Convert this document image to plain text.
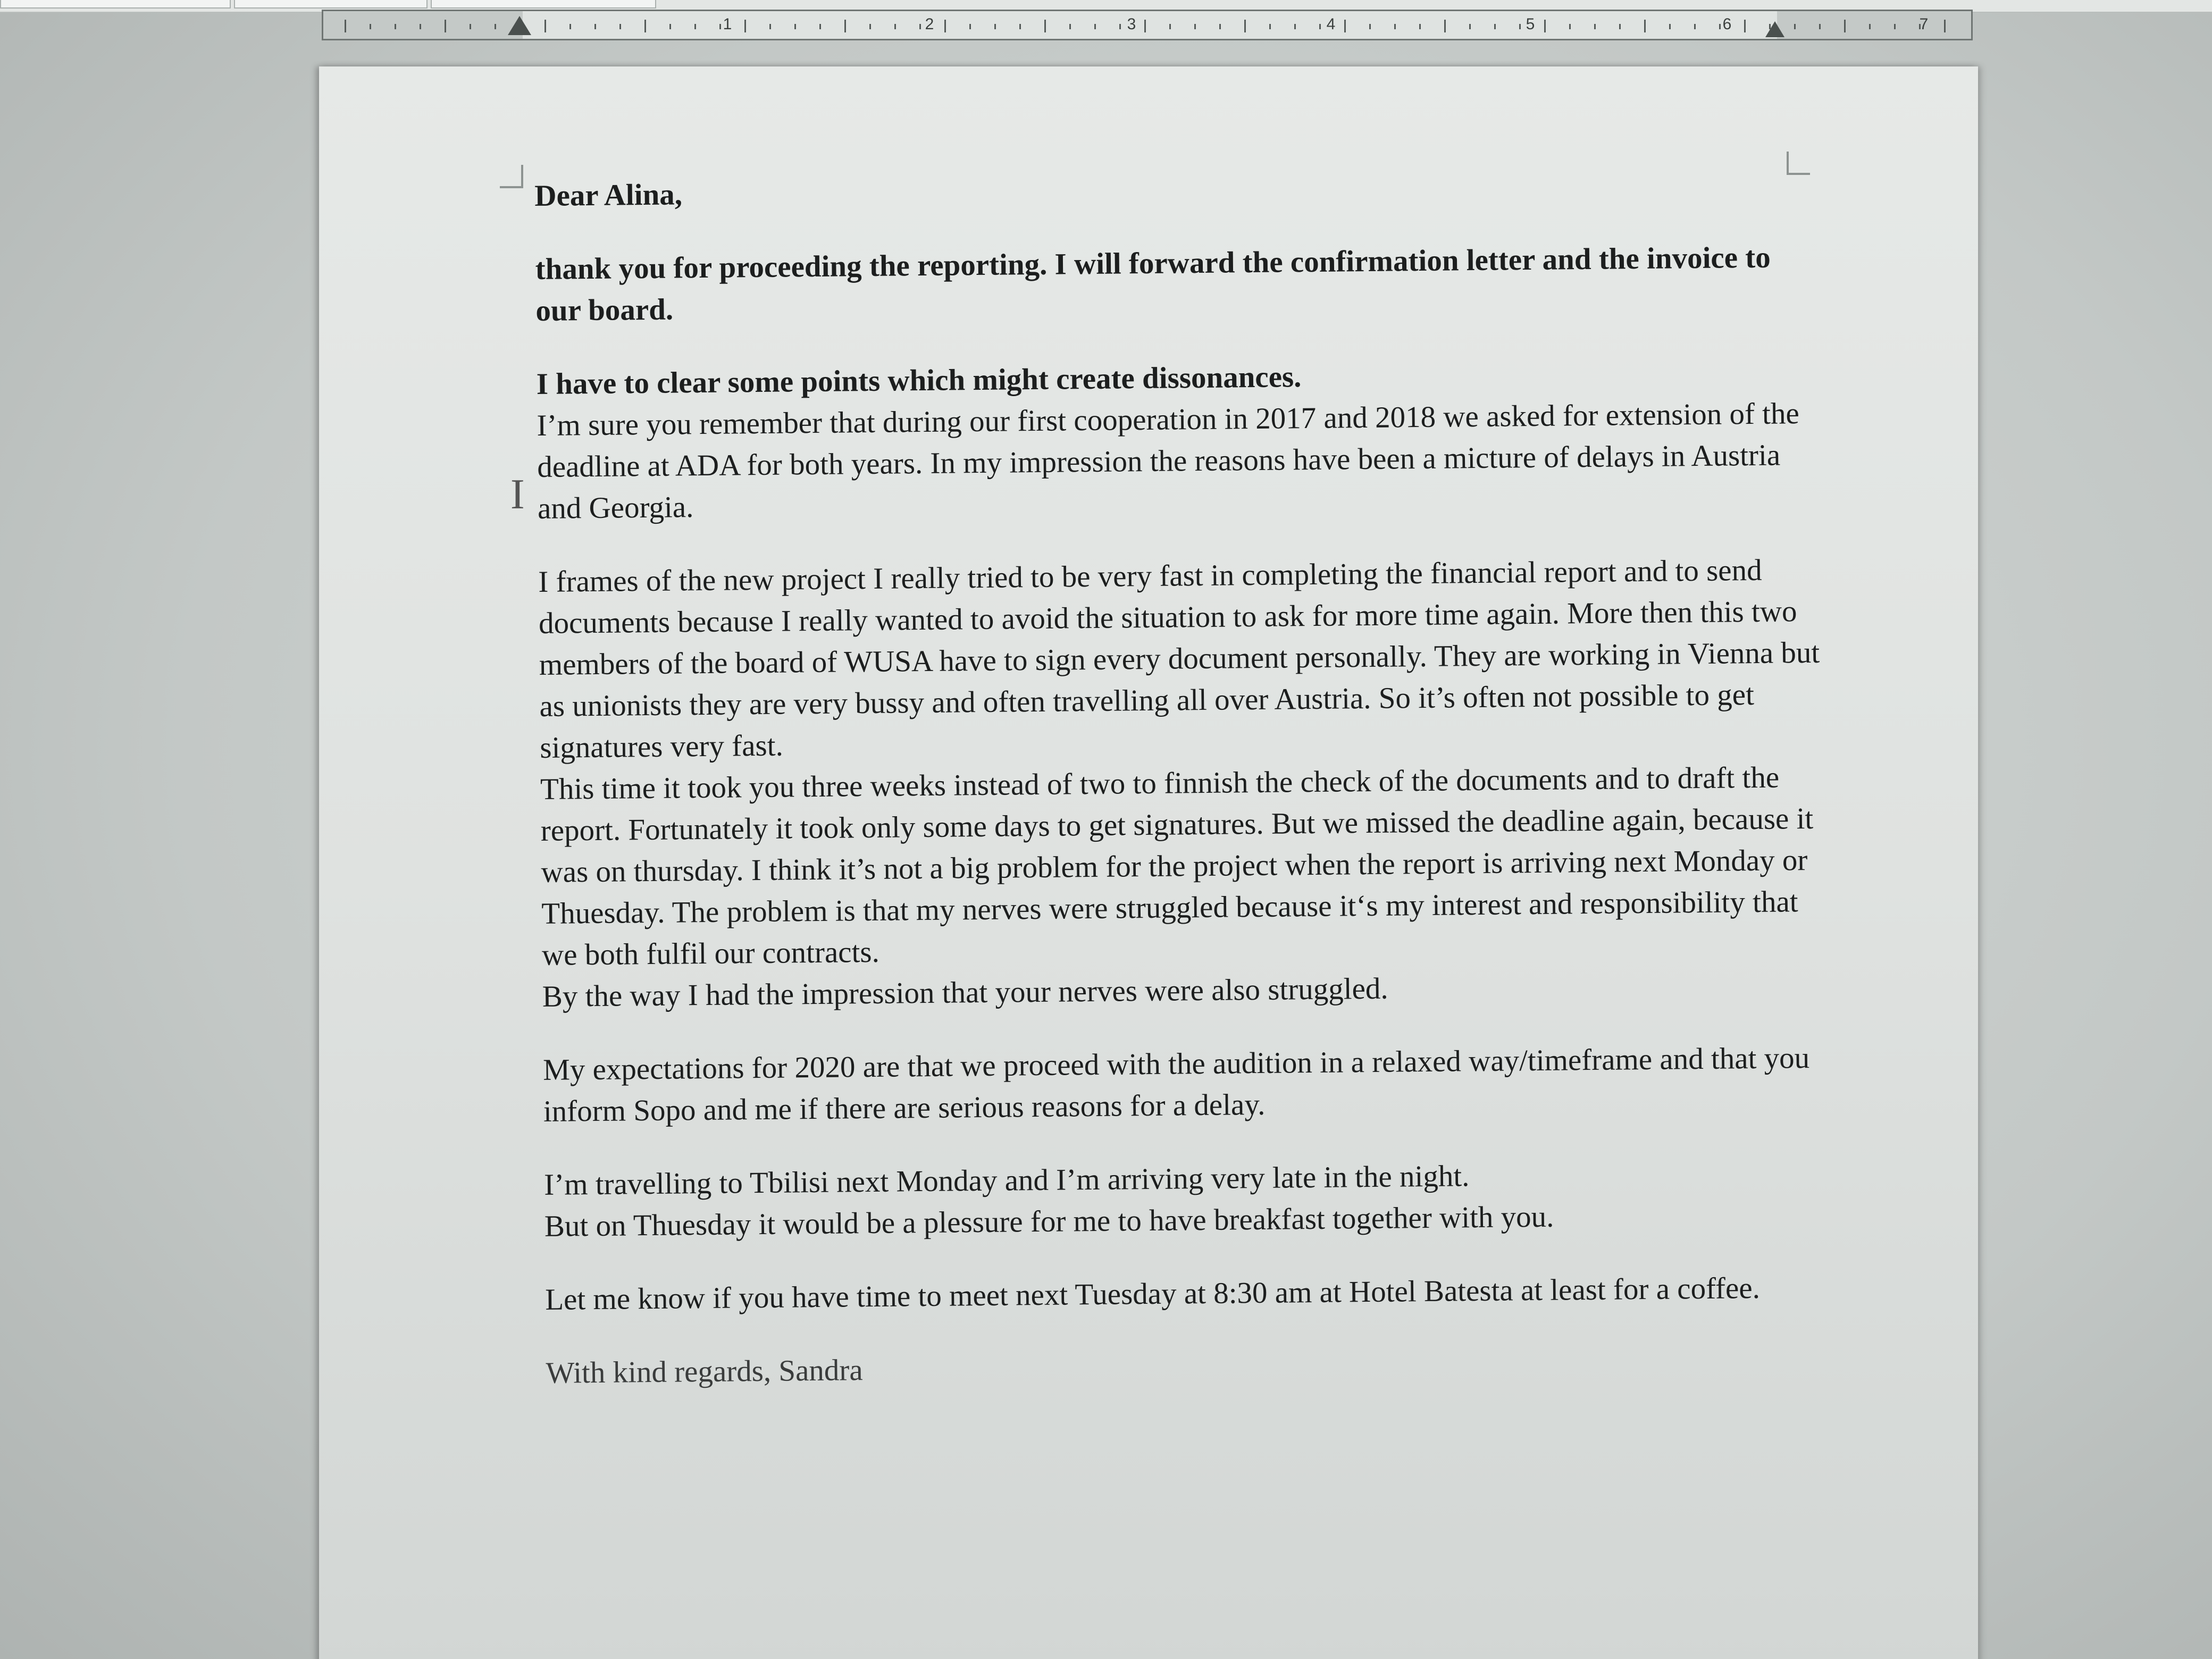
1	2	3	4	5	6	7
I

Dear Alina,

thank you for proceeding the reporting. I will forward the confirmation letter and the invoice to our board.

I have to clear some points which might create dissonances.

I’m sure you remember that during our first cooperation in 2017 and 2018 we asked for extension of the deadline at ADA for both years. In my impression the reasons have been a micture of delays in Austria and Georgia.

I frames of the new project I really tried to be very fast in completing the financial report and to send documents because I really wanted to avoid the situation to ask for more time again. More then this two members of the board of WUSA have to sign every document personally. They are working in Vienna but as unionists they are very bussy and often travelling all over Austria. So it’s often not possible to get signatures very fast.

This time it took you three weeks instead of two to finnish the check of the documents and to draft the report. Fortunately it took only some days to get signatures. But we missed the deadline again, because it was on thursday. I think it’s not a big problem for the project when the report is arriving next Monday or Thuesday. The problem is that my nerves were struggled because it‘s my interest and responsibility that we both fulfil our contracts.

By the way I had the impression that your nerves were also struggled.

My expectations for 2020 are that we proceed with the audition in a relaxed way/timeframe and that you inform Sopo and me if there are serious reasons for a delay.

I’m travelling to Tbilisi next Monday and I’m arriving very late in the night.

But on Thuesday it would be a plessure for me to have breakfast together with you.

Let me know if you have time to meet next Tuesday at 8:30 am at Hotel Batesta at least for a coffee.

With kind regards, Sandra
